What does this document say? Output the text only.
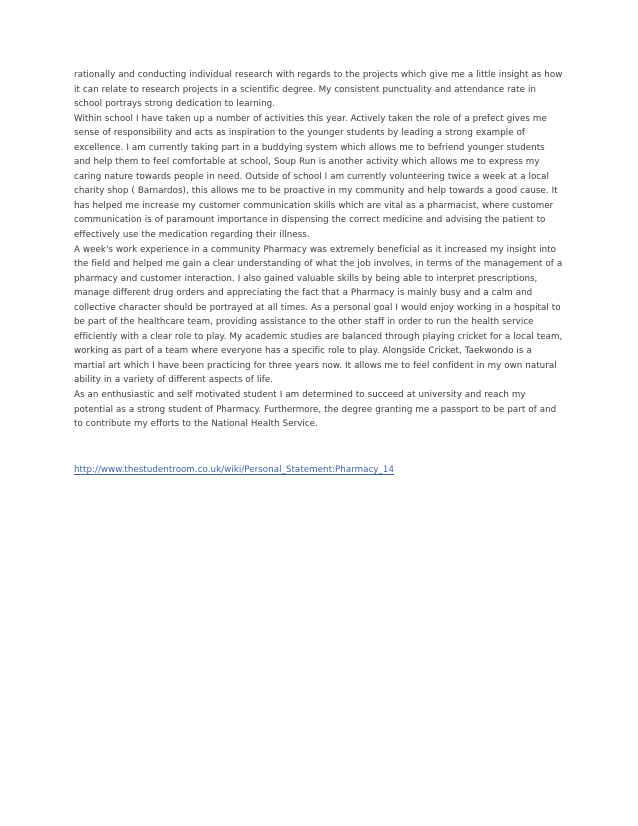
rationally and conducting individual research with regards to the projects which give me a little insight as how it can relate to research projects in a scientific degree. My consistent punctuality and attendance rate in school portrays strong dedication to learning.

Within school I have taken up a number of activities this year. Actively taken the role of a prefect gives me sense of responsibility and acts as inspiration to the younger students by leading a strong example of excellence. I am currently taking part in a buddying system which allows me to befriend younger students and help them to feel comfortable at school, Soup Run is another activity which allows me to express my caring nature towards people in need. Outside of school I am currently volunteering twice a week at a local charity shop ( Barnardos), this allows me to be proactive in my community and help towards a good cause. It has helped me increase my customer communication skills which are vital as a pharmacist, where customer communication is of paramount importance in dispensing the correct medicine and advising the patient to effectively use the medication regarding their illness.

A week's work experience in a community Pharmacy was extremely beneficial as it increased my insight into the field and helped me gain a clear understanding of what the job involves, in terms of the management of a pharmacy and customer interaction. I also gained valuable skills by being able to interpret prescriptions, manage different drug orders and appreciating the fact that a Pharmacy is mainly busy and a calm and collective character should be portrayed at all times. As a personal goal I would enjoy working in a hospital to be part of the healthcare team, providing assistance to the other staff in order to run the health service efficiently with a clear role to play. My academic studies are balanced through playing cricket for a local team, working as part of a team where everyone has a specific role to play. Alongside Cricket, Taekwondo is a martial art which I have been practicing for three years now. It allows me to feel confident in my own natural ability in a variety of different aspects of life.

As an enthusiastic and self motivated student I am determined to succeed at university and reach my potential as a strong student of Pharmacy. Furthermore, the degree granting me a passport to be part of and to contribute my efforts to the National Health Service.

http://www.thestudentroom.co.uk/wiki/Personal_Statement:Pharmacy_14
